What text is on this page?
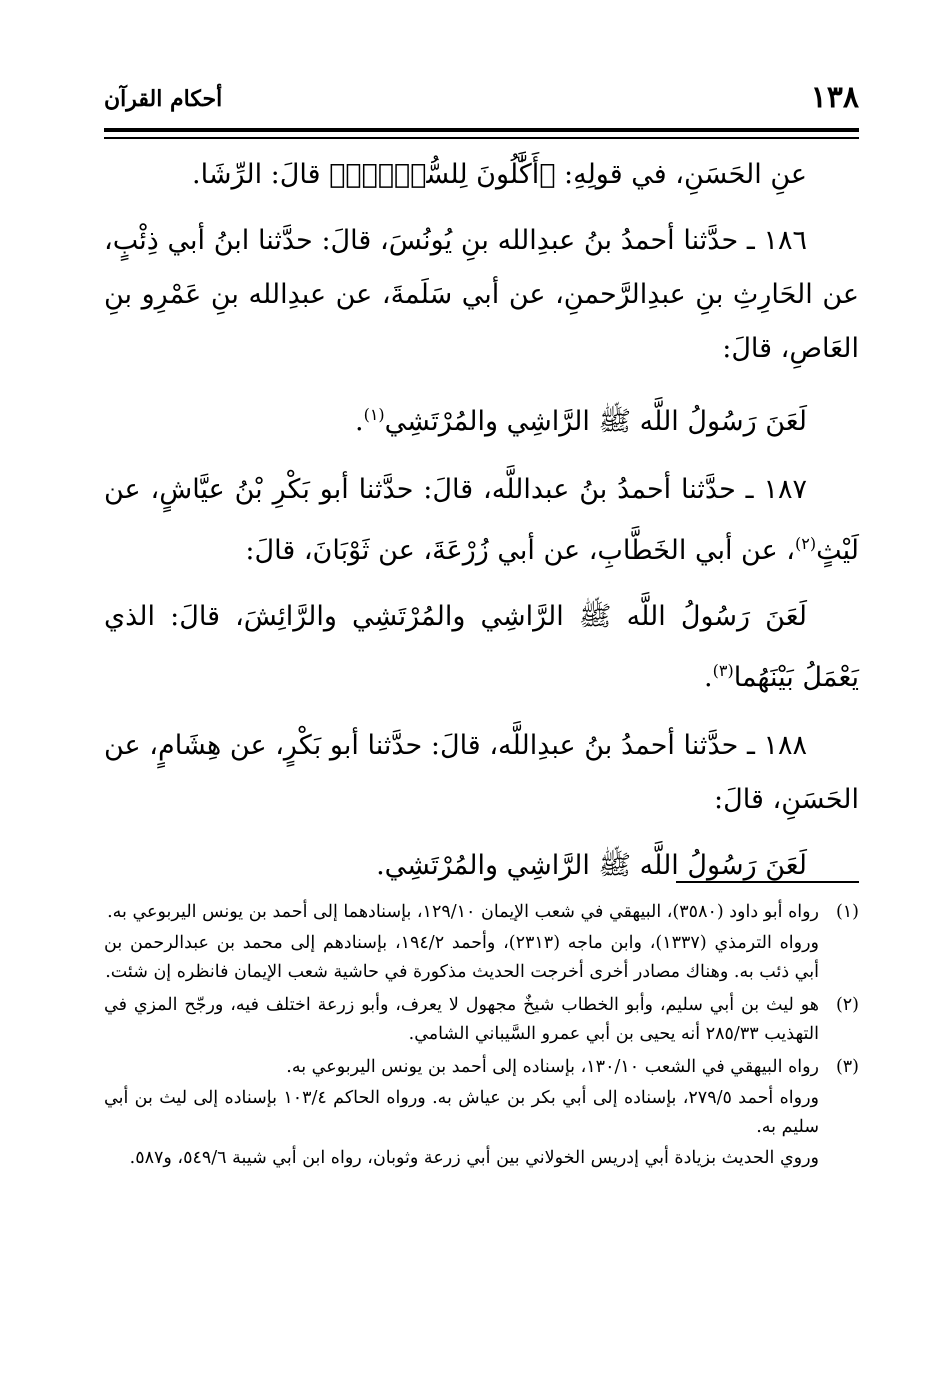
١٣٨
أحكام القرآن

عنِ الحَسَنِ، في قولِهِ: ﴿أَكَّٰلُونَ لِلسُّحۡتِۚ﴾ قالَ: الرِّشَا.

١٨٦ ـ حدَّثنا أحمدُ بنُ عبدِالله بنِ يُونُسَ، قالَ: حدَّثنا ابنُ أبي ذِئْبٍ، عن الحَارِثِ بنِ عبدِالرَّحمنِ، عن أبي سَلَمةَ، عن عبدِالله بنِ عَمْرِو بنِ العَاصِ، قالَ:

لَعَنَ رَسُولُ اللَّه ﷺ الرَّاشِي والمُرْتَشِي$^{(١)}$.

١٨٧ ـ حدَّثنا أحمدُ بنُ عبداللَّه، قالَ: حدَّثنا أبو بَكْرِ بْنُ عيَّاشٍ، عن لَيْثٍ$^{(٢)}$، عن أبي الخَطَّابِ، عن أبي زُرْعَةَ، عن ثَوْبَانَ، قالَ:

لَعَنَ رَسُولُ اللَّه ﷺ الرَّاشِي والمُرْتَشِي والرَّائِشَ، قالَ: الذي يَعْمَلُ بَيْنَهُما$^{(٣)}$.

١٨٨ ـ حدَّثنا أحمدُ بنُ عبدِاللَّه، قالَ: حدَّثنا أبو بَكْرٍ، عن هِشَامٍ، عن الحَسَنِ، قالَ:

لَعَنَ رَسُولُ اللَّه ﷺ الرَّاشِي والمُرْتَشِي.

(١)

رواه أبو داود (٣٥٨٠)، البيهقي في شعب الإيمان ١٢٩/١٠، بإسنادهما إلى أحمد بن يونس اليربوعي به.

ورواه الترمذي (١٣٣٧)، وابن ماجه (٢٣١٣)، وأحمد ١٩٤/٢، بإسنادهم إلى محمد بن عبدالرحمن بن أبي ذئب به. وهناك مصادر أخرى أخرجت الحديث مذكورة في حاشية شعب الإيمان فانظره إن شئت.

(٢)

هو ليث بن أبي سليم، وأبو الخطاب شيخٌ مجهول لا يعرف، وأبو زرعة اختلف فيه، ورجّح المزي في التهذيب ٢٨٥/٣٣ أنه يحيى بن أبي عمرو السَّيباني الشامي.

(٣)

رواه البيهقي في الشعب ١٣٠/١٠، بإسناده إلى أحمد بن يونس اليربوعي به.

ورواه أحمد ٢٧٩/٥، بإسناده إلى أبي بكر بن عياش به. ورواه الحاكم ١٠٣/٤ بإسناده إلى ليث بن أبي سليم به.

وروي الحديث بزيادة أبي إدريس الخولاني بين أبي زرعة وثوبان، رواه ابن أبي شيبة ٥٤٩/٦، و٥٨٧.
